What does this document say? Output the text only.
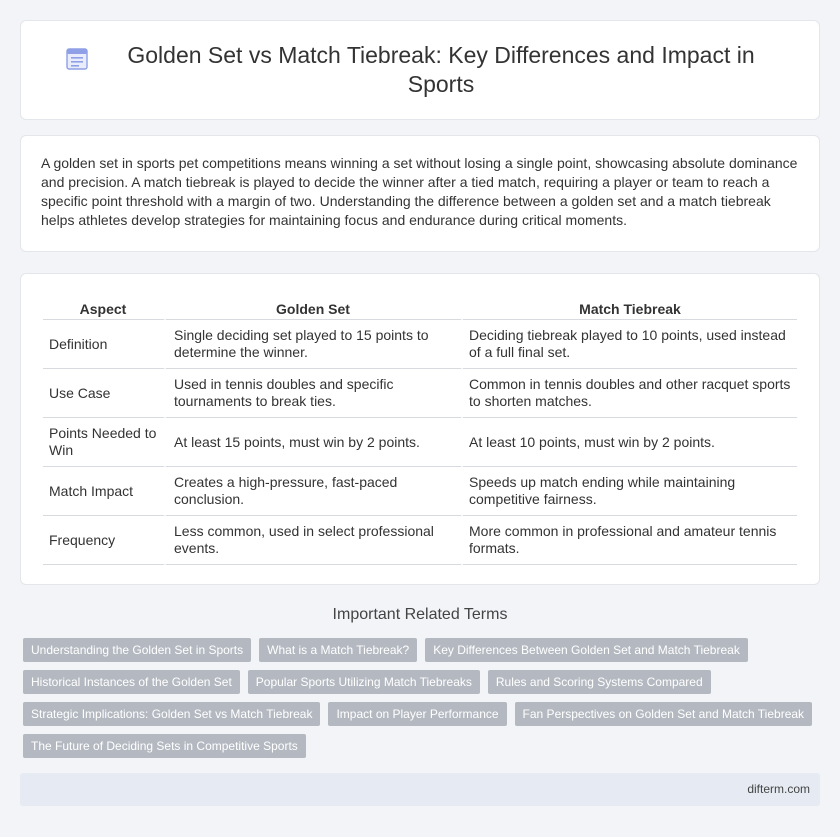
Golden Set vs Match Tiebreak: Key Differences and Impact in Sports

A golden set in sports pet competitions means winning a set without losing a single point, showcasing absolute dominance and precision. A match tiebreak is played to decide the winner after a tied match, requiring a player or team to reach a specific point threshold with a margin of two. Understanding the difference between a golden set and a match tiebreak helps athletes develop strategies for maintaining focus and endurance during critical moments.

Aspect	Golden Set	Match Tiebreak
Definition	Single deciding set played to 15 points to determine the winner.	Deciding tiebreak played to 10 points, used instead of a full final set.
Use Case	Used in tennis doubles and specific tournaments to break ties.	Common in tennis doubles and other racquet sports to shorten matches.
Points Needed to Win	At least 15 points, must win by 2 points.	At least 10 points, must win by 2 points.
Match Impact	Creates a high-pressure, fast-paced conclusion.	Speeds up match ending while maintaining competitive fairness.
Frequency	Less common, used in select professional events.	More common in professional and amateur tennis formats.
Important Related Terms
Understanding the Golden Set in Sports	What is a Match Tiebreak?	Key Differences Between Golden Set and Match Tiebreak
Historical Instances of the Golden Set	Popular Sports Utilizing Match Tiebreaks	Rules and Scoring Systems Compared
Strategic Implications: Golden Set vs Match Tiebreak	Impact on Player Performance	Fan Perspectives on Golden Set and Match Tiebreak
The Future of Deciding Sets in Competitive Sports
difterm.com
